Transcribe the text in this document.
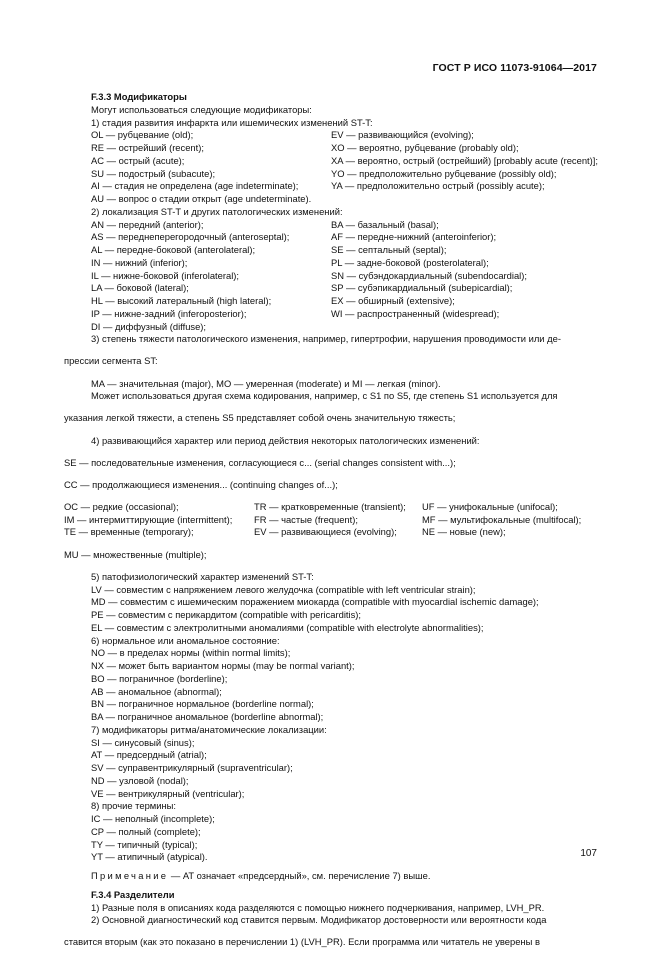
ГОСТ Р ИСО 11073-91064—2017

F.3.3 Модификаторы

Могут использоваться следующие модификаторы:

1) стадия развития инфаркта или ишемических изменений ST-T:

OL — рубцевание (old);	EV — развивающийся (evolving);
RE — острейший (recent);	XO — вероятно, рубцевание (probably old);
AC — острый (acute);	XA — вероятно, острый (острейший) [probably acute (recent)];
SU — подострый (subacute);	YO — предположительно рубцевание (possibly old);
AI — стадия не определена (age indeterminate);	YA — предположительно острый (possibly acute);

AU — вопрос о стадии открыт (age undeterminate).

2) локализация ST-T и других патологических изменений:

AN — передний (anterior);	BA — базальный (basal);
AS — переднеперегородочный (anteroseptal);	AF — передне-нижний (anteroinferior);
AL — передне-боковой (anterolateral);	SE — септальный (septal);
IN — нижний (inferior);	PL — задне-боковой (posterolateral);
IL — нижне-боковой (inferolateral);	SN — субэндокардиальный (subendocardial);
LA — боковой (lateral);	SP — субэпикардиальный (subepicardial);
HL — высокий латеральный (high lateral);	EX — обширный (extensive);
IP — нижне-задний (inferoposterior);	WI — распространенный (widespread);

DI — диффузный (diffuse);

3) степень тяжести патологического изменения, например, гипертрофии, нарушения проводимости или де-

прессии сегмента ST:

MA — значительная (major), MO — умеренная (moderate) и MI — легкая (minor).

Может использоваться другая схема кодирования, например, с S1 по S5, где степень S1 используется для

указания легкой тяжести, а степень S5 представляет собой очень значительную тяжесть;

4) развивающийся характер или период действия некоторых патологических изменений:

SE — последовательные изменения, согласующиеся с... (serial changes consistent with...);

CC — продолжающиеся изменения... (continuing changes of...);

OC — редкие (occasional);	TR — кратковременные (transient);	UF — унифокальные (unifocal);
IM — интермиттирующие (intermittent);	FR — частые (frequent);	MF — мультифокальные (multifocal);
TE — временные (temporary);	EV — развивающиеся (evolving);	NE — новые (new);

MU — множественные (multiple);

5) патофизиологический характер изменений ST-T:

LV — совместим с напряжением левого желудочка (compatible with left ventricular strain);

MD — совместим с ишемическим поражением миокарда (compatible with myocardial ischemic damage);

PE — совместим с перикардитом (compatible with pericarditis);

EL — совместим с электролитными аномалиями (compatible with electrolyte abnormalities);

6) нормальное или аномальное состояние:

NO — в пределах нормы (within normal limits);

NX — может быть вариантом нормы (may be normal variant);

BO — пограничное (borderline);

AB — аномальное (abnormal);

BN — пограничное нормальное (borderline normal);

BA — пограничное аномальное (borderline abnormal);

7) модификаторы ритма/анатомические локализации:

SI — синусовый (sinus);

AT — предсердный (atrial);

SV — суправентрикулярный (supraventricular);

ND — узловой (nodal);

VE — вентрикулярный (ventricular);

8) прочие термины:

IC — неполный (incomplete);

CP — полный (complete);

TY — типичный (typical);

YT — атипичный (atypical).

Примечание — AT означает «предсердный», см. перечисление 7) выше.

F.3.4 Разделители

1) Разные поля в описаниях кода разделяются с помощью нижнего подчеркивания, например, LVH_PR.

2) Основной диагностический код ставится первым. Модификатор достоверности или вероятности кода

ставится вторым (как это показано в перечислении 1) (LVH_PR). Если программа или читатель не уверены в

107
